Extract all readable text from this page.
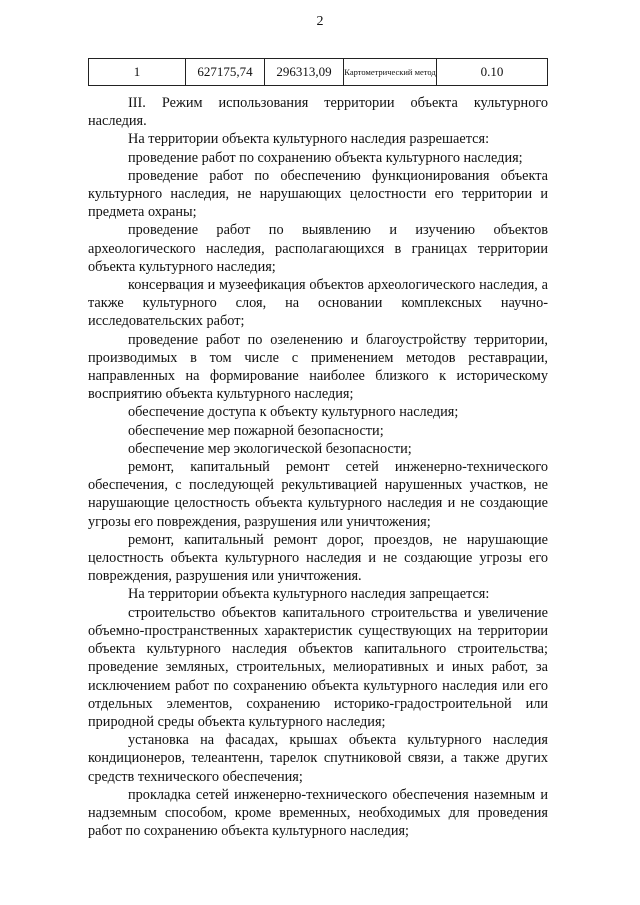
2
1	627175,74	296313,09	Картометрический метод	0.10

III. Режим использования территории объекта культурного наследия.

На территории объекта культурного наследия разрешается:

проведение работ по сохранению объекта культурного наследия;

проведение работ по обеспечению функционирования объекта культурного наследия, не нарушающих целостности его территории и предмета охраны;

проведение работ по выявлению и изучению объектов археологического наследия, располагающихся в границах территории объекта культурного наследия;

консервация и музеефикация объектов археологического наследия, а также культурного слоя, на основании комплексных научно-исследовательских работ;

проведение работ по озеленению и благоустройству территории, производимых в том числе с применением методов реставрации, направленных на формирование наиболее близкого к историческому восприятию объекта культурного наследия;

обеспечение доступа к объекту культурного наследия;

обеспечение мер пожарной безопасности;

обеспечение мер экологической безопасности;

ремонт, капитальный ремонт сетей инженерно-технического обеспечения, с последующей рекультивацией нарушенных участков, не нарушающие целостность объекта культурного наследия и не создающие угрозы его повреждения, разрушения или уничтожения;

ремонт, капитальный ремонт дорог, проездов, не нарушающие целостность объекта культурного наследия и не создающие угрозы его повреждения, разрушения или уничтожения.

На территории объекта культурного наследия запрещается:

строительство объектов капитального строительства и увеличение объемно-пространственных характеристик существующих на территории объекта культурного наследия объектов капитального строительства; проведение земляных, строительных, мелиоративных и иных работ, за исключением работ по сохранению объекта культурного наследия или его отдельных элементов, сохранению историко-градостроительной или природной среды объекта культурного наследия;

установка на фасадах, крышах объекта культурного наследия кондиционеров, телеантенн, тарелок спутниковой связи, а также других средств технического обеспечения;

прокладка сетей инженерно-технического обеспечения наземным и надземным способом, кроме временных, необходимых для проведения работ по сохранению объекта культурного наследия;
